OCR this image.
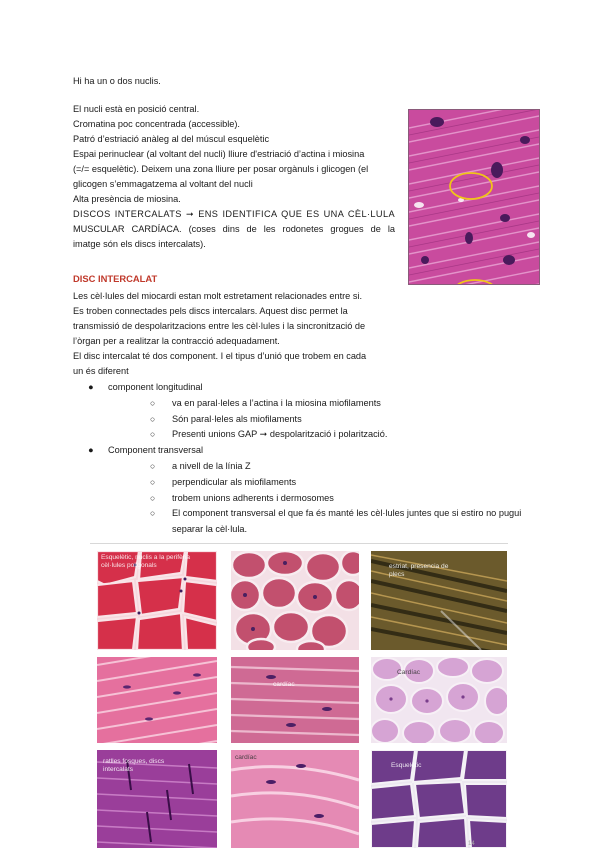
Hi ha un o dos nuclis.

El nucli està en posició central.
Cromatina poc concentrada (accessible).
Patró d’estriació anàleg al del múscul esquelètic
Espai perinuclear (al voltant del nucli) lliure d'estriació d’actina i miosina
(=/= esquelètic). Deixem una zona lliure per posar orgànuls i glicogen (el
glicogen s’emmagatzema al voltant del nucli
Alta presència de miosina.
DISCOS INTERCALATS ➞ ENS IDENTIFICA QUE ES UNA CÈL·LULA
MUSCULAR CARDÍACA. (coses dins de les rodonetes grogues de la
imatge són els discs intercalats).
DISC INTERCALAT
Les cèl·lules del miocardi estan molt estretament relacionades entre si.
Es troben connectades pels discs intercalars. Aquest disc permet la
transmissió de despolaritzacions entre les cèl·lules i la sincronització de
l’òrgan per a realitzar la contracció adequadament.
El disc intercalat té dos component. I el tipus d’unió que trobem en cada
un és diferent
● component longitudinal
○ va en paral·leles a l’actina i la miosina miofilaments
○ Són paral·leles als miofilaments
○ Presenti unions GAP ➞ despolarització i polarització.
● Component transversal
○ a nivell de la línia Z
○ perpendicular als miofilaments
○ trobem unions adherents i dermosomes
○ El component transversal el que fa és manté les cèl·lules juntes que si estiro no pugui separar la cèl·lula.
Esquelètic, nuclis a la perifèria
cèl·lules poligonals	estriat, presencia de
plecs
cardíac
Cardíac
ratlles fosques, discs
intercalats
cardíac
Esquelètic
14
